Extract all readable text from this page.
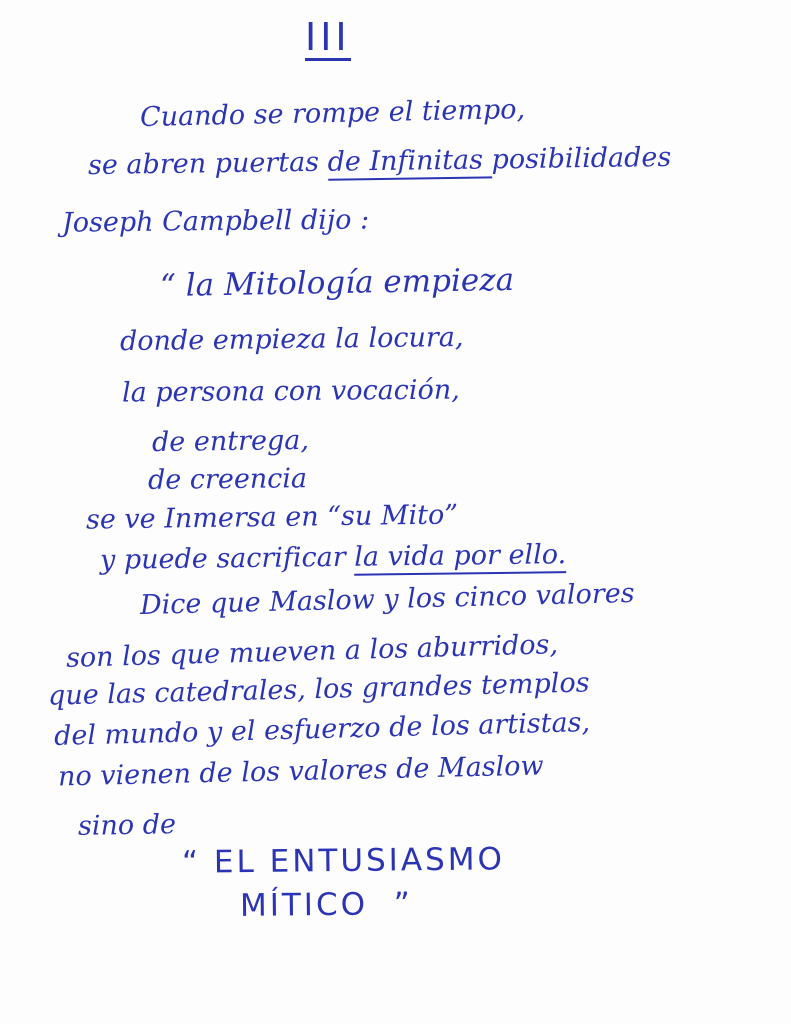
III
Cuando se rompe el tiempo,
se abren puertas de Infinitas posibilidades
Joseph Campbell dijo :
“ la Mitología empieza
donde empieza la locura,
la persona con vocación,
de entrega,
de creencia
se ve Inmersa en “su Mito”
y puede sacrificar la vida por ello.
Dice que Maslow y los cinco valores
son los que mueven a los aburridos,
que las catedrales, los grandes templos
del mundo y el esfuerzo de los artistas,
no vienen de los valores de Maslow
sino de
“ EL ENTUSIASMO
MÍTICO  ”
